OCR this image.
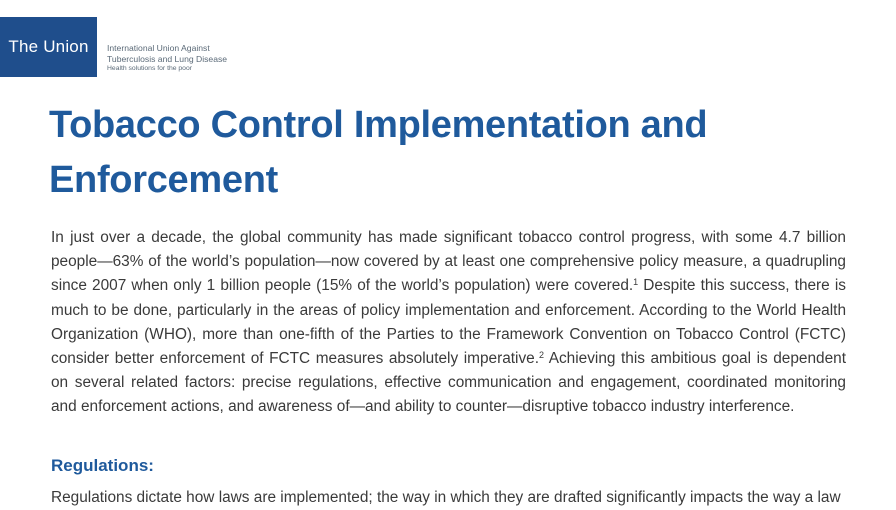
The Union International Union Against
Tuberculosis and Lung Disease
Health solutions for the poor
Tobacco Control Implementation and Enforcement

In just over a decade, the global community has made significant tobacco control progress, with some 4.7 billion people—63% of the world’s population—now covered by at least one comprehensive policy measure, a quadrupling since 2007 when only 1 billion people (15% of the world’s population) were covered.$^1$ Despite this success, there is much to be done, particularly in the areas of policy implementation and enforcement. According to the World Health Organization (WHO), more than one-fifth of the Parties to the Framework Convention on Tobacco Control (FCTC) consider better enforcement of FCTC measures absolutely imperative.$^2$ Achieving this ambitious goal is dependent on several related factors: precise regulations, effective communication and engagement, coordinated monitoring and enforcement actions, and awareness of—and ability to counter—disruptive tobacco industry interference.

Regulations:

Regulations dictate how laws are implemented; the way in which they are drafted significantly impacts the way a law
